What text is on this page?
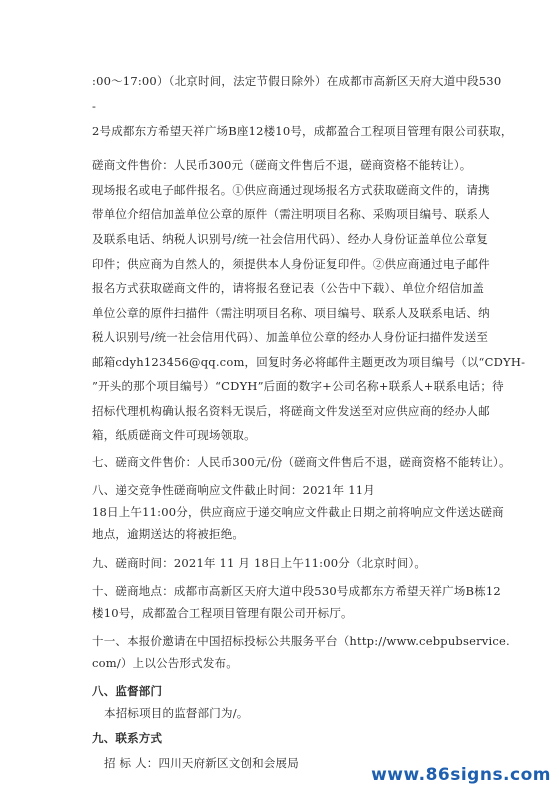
:00～17:00）（北京时间，法定节假日除外）在成都市高新区天府大道中段530
-
2号成都东方希望天祥广场B座12楼10号，成都盈合工程项目管理有限公司获取，
磋商文件售价：人民币300元（磋商文件售后不退，磋商资格不能转让）。
现场报名或电子邮件报名。①供应商通过现场报名方式获取磋商文件的，请携
带单位介绍信加盖单位公章的原件（需注明项目名称、采购项目编号、联系人
及联系电话、纳税人识别号/统一社会信用代码）、经办人身份证盖单位公章复
印件；供应商为自然人的，须提供本人身份证复印件。②供应商通过电子邮件
报名方式获取磋商文件的，请将报名登记表（公告中下载）、单位介绍信加盖
单位公章的原件扫描件（需注明项目名称、项目编号、联系人及联系电话、纳
税人识别号/统一社会信用代码）、加盖单位公章的经办人身份证扫描件发送至
邮箱cdyh123456@qq.com，回复时务必将邮件主题更改为项目编号（以“CDYH-
”开头的那个项目编号）“CDYH”后面的数字+公司名称+联系人+联系电话；待
招标代理机构确认报名资料无误后，将磋商文件发送至对应供应商的经办人邮
箱，纸质磋商文件可现场领取。
七、磋商文件售价：人民币300元/份（磋商文件售后不退，磋商资格不能转让）。
八、递交竞争性磋商响应文件截止时间：2021年 11月
18日上午11:00分，供应商应于递交响应文件截止日期之前将响应文件送达磋商
地点，逾期送达的将被拒绝。
九、磋商时间：2021年 11 月 18日上午11:00分（北京时间）。
十、磋商地点：成都市高新区天府大道中段530号成都东方希望天祥广场B栋12
楼10号，成都盈合工程项目管理有限公司开标厅。
十一、本报价邀请在中国招标投标公共服务平台（http://www.cebpubservice.
com/）上以公告形式发布。
八、监督部门
本招标项目的监督部门为/。
九、联系方式
招 标 人：四川天府新区文创和会展局
www.86signs.com
